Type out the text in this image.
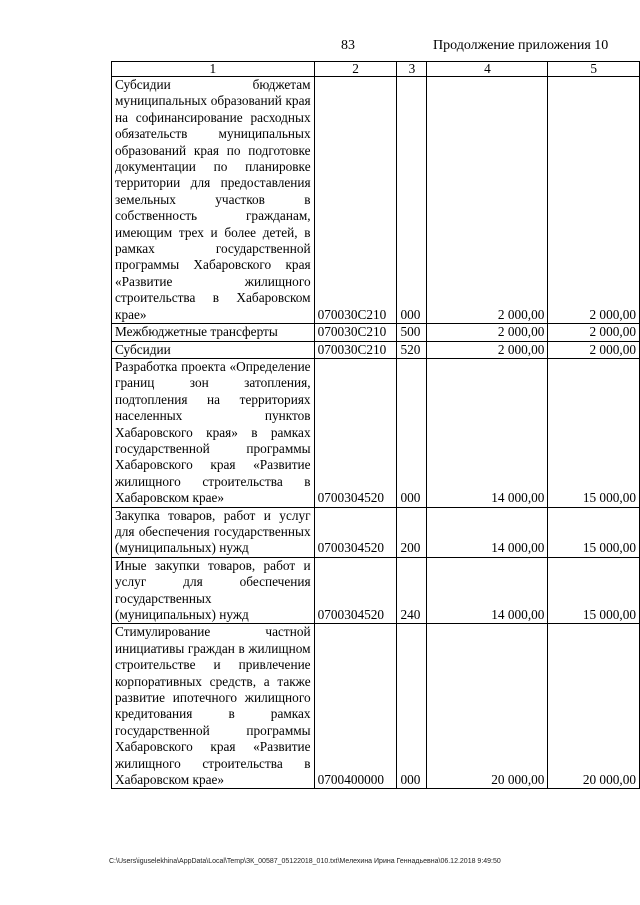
83	Продолжение приложения 10
1	2	3	4	5
Субсидии бюджетам муниципальных образований края на софинансирование расходных обязательств муниципальных образований края по подготовке документации по планировке территории для предоставления земельных участков в собственность гражданам, имеющим трех и более детей, в рамках государственной программы Хабаровского края «Развитие жилищного строительства в Хабаровском крае»	070030С210	000	2 000,00	2 000,00
Межбюджетные трансферты	070030С210	500	2 000,00	2 000,00
Субсидии	070030С210	520	2 000,00	2 000,00
Разработка проекта «Определение границ зон затопления, подтопления на территориях населенных пунктов Хабаровского края» в рамках государственной программы Хабаровского края «Развитие жилищного строительства в Хабаровском крае»	0700304520	000	14 000,00	15 000,00
Закупка товаров, работ и услуг для обеспечения государственных (муниципальных) нужд	0700304520	200	14 000,00	15 000,00
Иные закупки товаров, работ и услуг для обеспечения государственных (муниципальных) нужд	0700304520	240	14 000,00	15 000,00
Стимулирование частной инициативы граждан в жилищном строительстве и привлечение корпоративных средств, а также развитие ипотечного жилищного кредитования в рамках государственной программы Хабаровского края «Развитие жилищного строительства в Хабаровском крае»	0700400000	000	20 000,00	20 000,00
C:\Users\iguselekhina\AppData\Local\Temp\ЗК_00587_05122018_010.txt\Мелехина Ирина Геннадьевна\06.12.2018 9:49:50
